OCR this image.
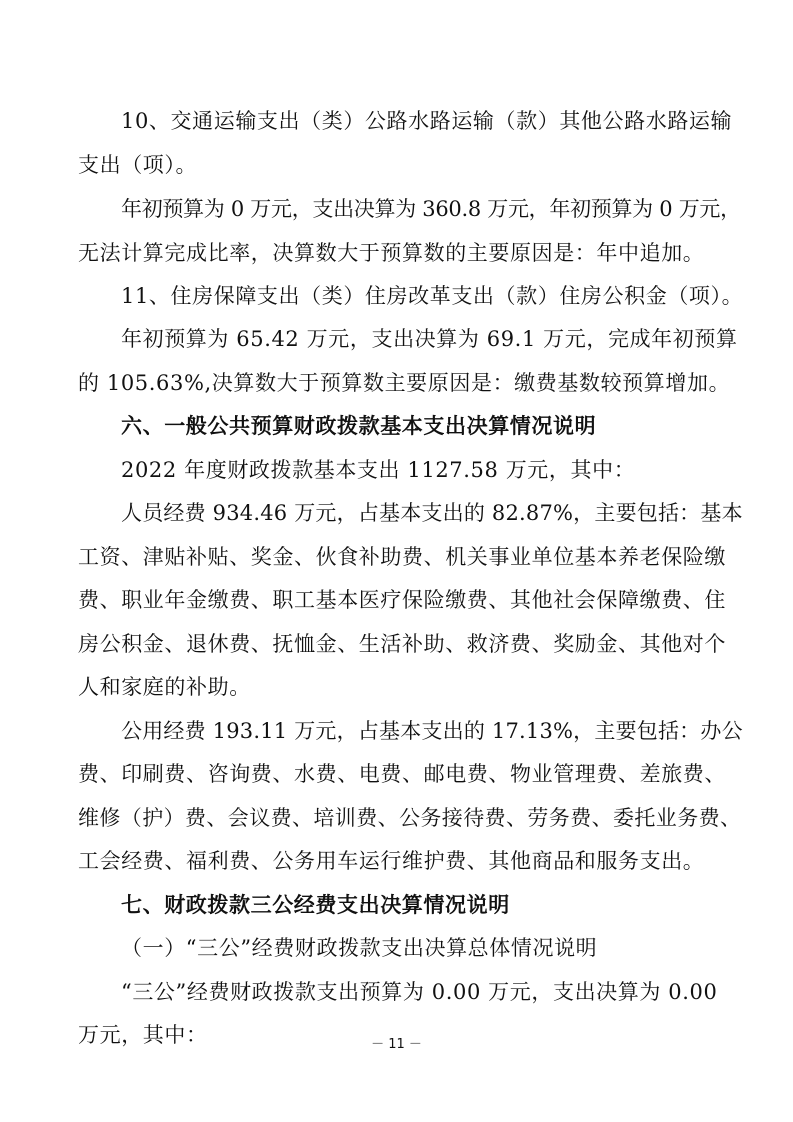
10、交通运输支出（类）公路水路运输（款）其他公路水路运输
支出（项）。
年初预算为 0 万元，支出决算为 360.8 万元，年初预算为 0 万元，
无法计算完成比率，决算数大于预算数的主要原因是：年中追加。
11、住房保障支出（类）住房改革支出（款）住房公积金（项）。
年初预算为 65.42 万元，支出决算为 69.1 万元，完成年初预算
的 105.63%,决算数大于预算数主要原因是：缴费基数较预算增加。
六、一般公共预算财政拨款基本支出决算情况说明
2022 年度财政拨款基本支出 1127.58 万元，其中：
人员经费 934.46 万元，占基本支出的 82.87%，主要包括：基本
工资、津贴补贴、奖金、伙食补助费、机关事业单位基本养老保险缴
费、职业年金缴费、职工基本医疗保险缴费、其他社会保障缴费、住
房公积金、退休费、抚恤金、生活补助、救济费、奖励金、其他对个
人和家庭的补助。
公用经费 193.11 万元，占基本支出的 17.13%，主要包括：办公
费、印刷费、咨询费、水费、电费、邮电费、物业管理费、差旅费、
维修（护）费、会议费、培训费、公务接待费、劳务费、委托业务费、
工会经费、福利费、公务用车运行维护费、其他商品和服务支出。
七、财政拨款三公经费支出决算情况说明
（一）“三公”经费财政拨款支出决算总体情况说明
“三公”经费财政拨款支出预算为 0.00 万元，支出决算为 0.00
万元，其中：	－ 11 －
